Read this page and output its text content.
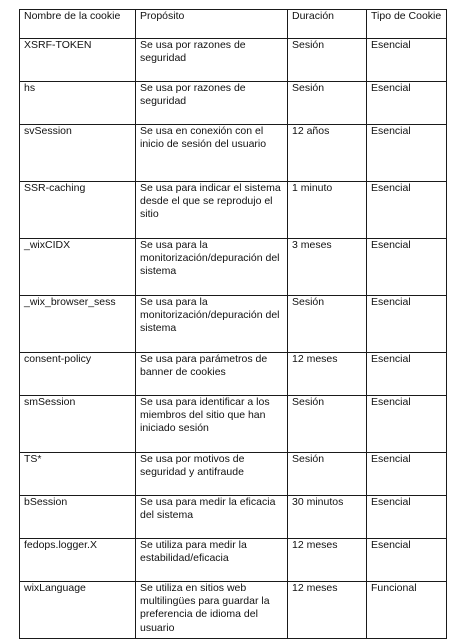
Nombre de la cookie	Propósito	Duración	Tipo de Cookie
XSRF-TOKEN	Se usa por razones de seguridad	Sesión	Esencial
hs	Se usa por razones de seguridad	Sesión	Esencial
svSession	Se usa en conexión con el inicio de sesión del usuario	12 años	Esencial
SSR-caching	Se usa para indicar el sistema desde el que se reprodujo el sitio	1 minuto	Esencial
_wixCIDX	Se usa para la monitorización/depuración del sistema	3 meses	Esencial
_wix_browser_sess	Se usa para la monitorización/depuración del sistema	Sesión	Esencial
consent-policy	Se usa para parámetros de banner de cookies	12 meses	Esencial
smSession	Se usa para identificar a los miembros del sitio que han iniciado sesión	Sesión	Esencial
TS*	Se usa por motivos de seguridad y antifraude	Sesión	Esencial
bSession	Se usa para medir la eficacia del sistema	30 minutos	Esencial
fedops.logger.X	Se utiliza para medir la estabilidad/eficacia	12 meses	Esencial
wixLanguage	Se utiliza en sitios web multilingües para guardar la preferencia de idioma del usuario	12 meses	Funcional
